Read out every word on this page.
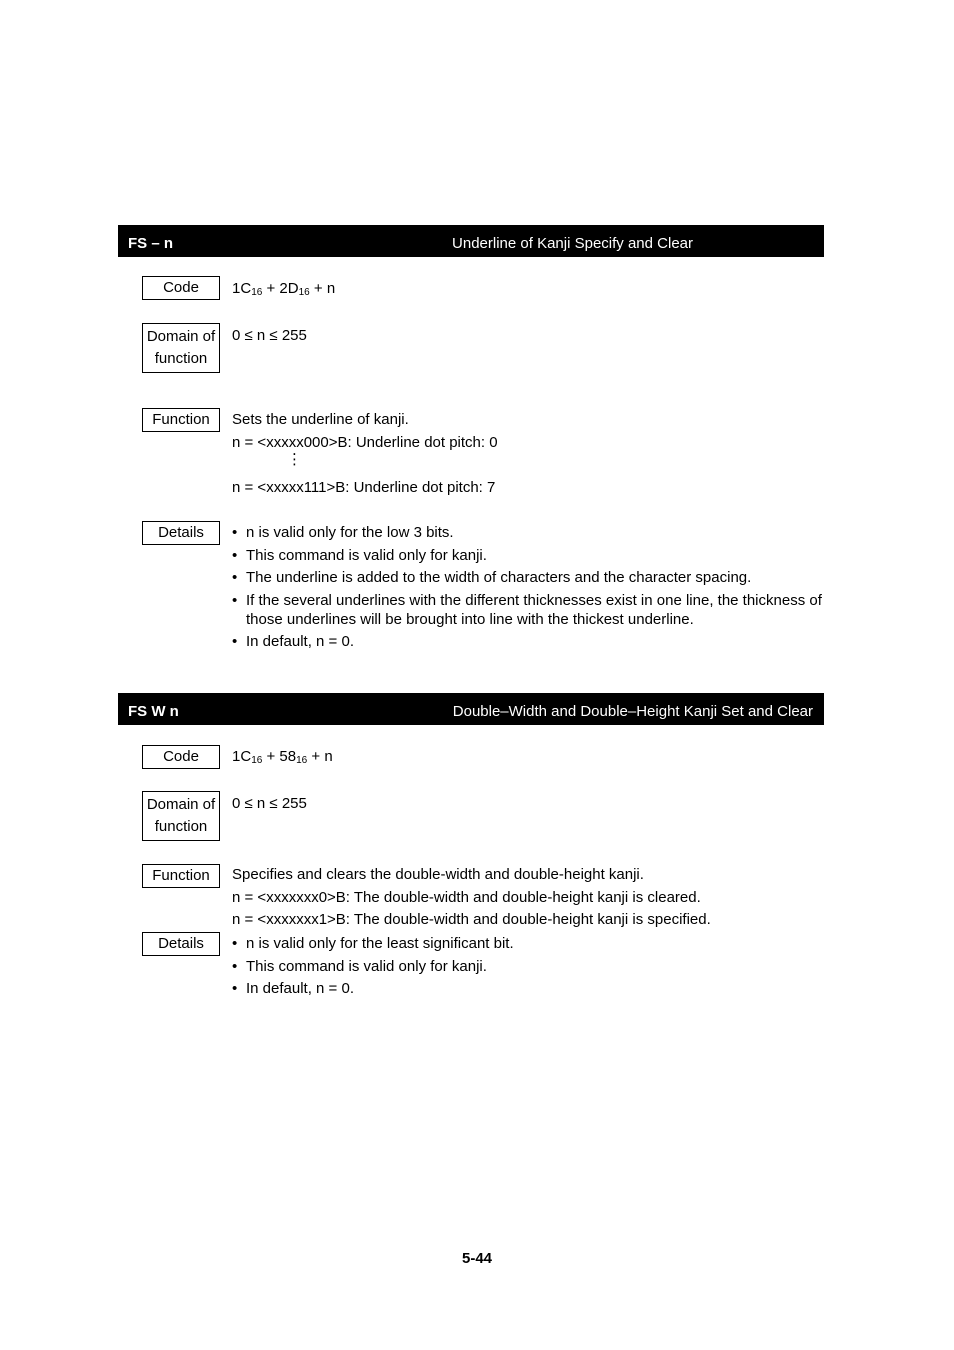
FS – n	Underline of Kanji Specify and Clear
Code	$1C_{16} + 2D_{16} + n$
Domain of
function
0 ≤ n ≤ 255
Function	Sets the underline of kanji.
n = <xxxxx000>B: Underline dot pitch: 0
⋮
n = <xxxxx111>B: Underline dot pitch: 7
Details	• n is valid only for the low 3 bits.
• This command is valid only for kanji.
• The underline is added to the width of characters and the character spacing.
• If the several underlines with the different thicknesses exist in one line, the thickness of those underlines will be brought into line with the thickest underline.
• In default, n = 0.
FS W n	Double–Width and Double–Height Kanji Set and Clear
Code	$1C_{16} + 58_{16} + n$
Domain of
function
0 ≤ n ≤ 255
Function	Specifies and clears the double-width and double-height kanji.
n = <xxxxxxx0>B: The double-width and double-height kanji is cleared.
n = <xxxxxxx1>B: The double-width and double-height kanji is specified.
Details	• n is valid only for the least significant bit.
• This command is valid only for kanji.
• In default, n = 0.
5-44
